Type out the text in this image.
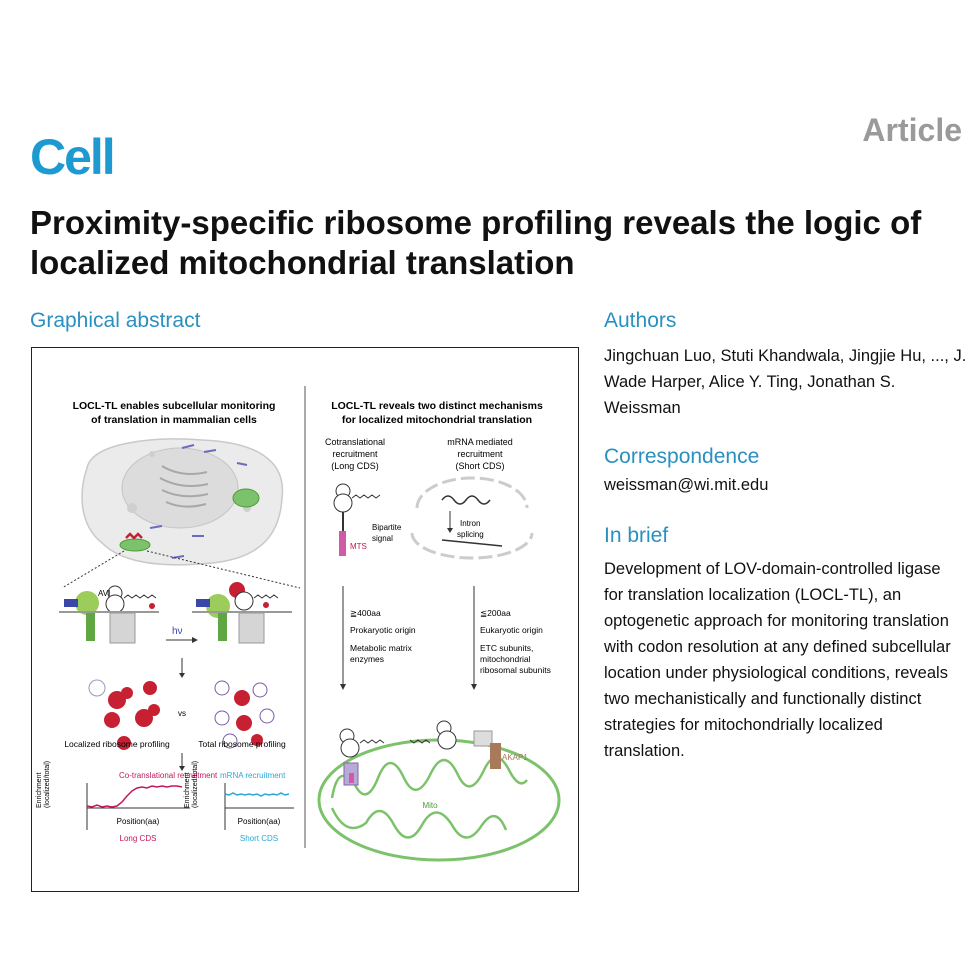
Cell	Article
Proximity-specific ribosome profiling reveals the logic of localized mitochondrial translation
Graphical abstract	Authors
Jingchuan Luo, Stuti Khandwala, Jingjie Hu, ..., J. Wade Harper, Alice Y. Ting, Jonathan S. Weissman
Correspondence
weissman@wi.mit.edu
In brief
Development of LOV-domain-controlled ligase for translation localization (LOCL-TL), an optogenetic approach for monitoring translation with codon resolution at any defined subcellular location under physiological conditions, reveals two mechanistically and functionally distinct strategies for mitochondrially localized translation.
LOCL-TL enables subcellular monitoring
of translation in mammalian cells
AVI
hν
vs
Localized ribosome profiling	Total ribosome profiling
Co-translational recruitment mRNA recruitment
Enrichment (localized/total)
Position(aa)
Long CDS
Enrichment (localized/total)
Position(aa)
Short CDS
LOCL-TL reveals two distinct mechanisms
for localized mitochondrial translation
Cotranslational
recruitment
(Long CDS)
mRNA mediated
recruitment
(Short CDS)
Bipartite
signal
MTS
Intron
splicing
≧400aa
Prokaryotic origin
Metabolic matrix
enzymes
≦200aa
Eukaryotic origin
ETC subunits,
mitochondrial
ribosomal subunits
Mito
AKAP1
